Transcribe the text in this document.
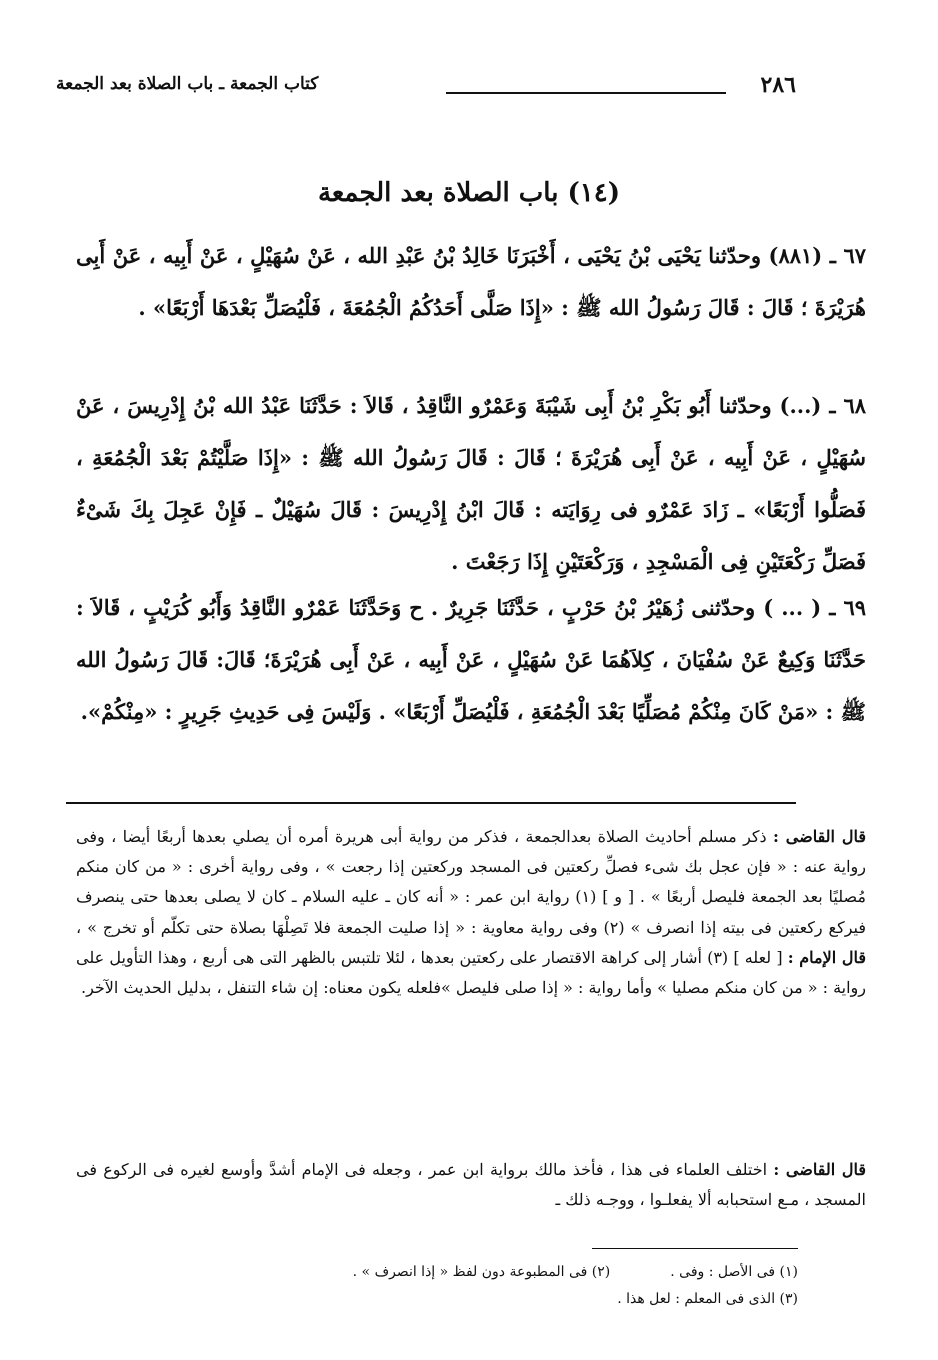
٢٨٦
كتاب الجمعة ـ باب الصلاة بعد الجمعة
(١٤) باب الصلاة بعد الجمعة
٦٧ ـ (٨٨١) وحدّثنا يَحْيَى بْنُ يَحْيَى ، أَخْبَرَنَا خَالِدُ بْنُ عَبْدِ الله ، عَنْ سُهَيْلٍ ، عَنْ أَبِيه ، عَنْ أَبِى هُرَيْرَةَ ؛ قَالَ : قَالَ رَسُولُ الله ﷺ : «إِذَا صَلَّى أَحَدُكُمُ الْجُمُعَةَ ، فَلْيُصَلِّ بَعْدَهَا أَرْبَعًا» .
٦٨ ـ (...) وحدّثنا أَبُو بَكْرِ بْنُ أَبِى شَيْبَةَ وَعَمْرٌو النَّاقِدُ ، قَالاَ : حَدَّثَنَا عَبْدُ الله بْنُ إِدْرِيسَ ، عَنْ سُهَيْلٍ ، عَنْ أَبِيه ، عَنْ أَبِى هُرَيْرَةَ ؛ قَالَ : قَالَ رَسُولُ الله ﷺ : «إِذَا صَلَّيْتُمْ بَعْدَ الْجُمُعَةِ ، فَصَلُّوا أَرْبَعًا» ـ زَادَ عَمْرٌو فى رِوَايَته : قَالَ ابْنُ إِدْرِيسَ : قَالَ سُهَيْلٌ ـ فَإِنْ عَجِلَ بِكَ شَىْءٌ فَصَلِّ رَكْعَتَيْنِ فِى الْمَسْجِدِ ، وَرَكْعَتَيْنِ إِذَا رَجَعْتَ .
٦٩ ـ ( ... ) وحدّثنى زُهَيْرُ بْنُ حَرْبٍ ، حَدَّثَنَا جَرِيرٌ . ح وَحَدَّثَنَا عَمْرٌو النَّاقِدُ وَأَبُو كُرَيْبٍ ، قَالاَ : حَدَّثَنَا وَكِيعٌ عَنْ سُفْيَانَ ، كِلاَهُمَا عَنْ سُهَيْلٍ ، عَنْ أَبِيه ، عَنْ أَبِى هُرَيْرَةَ؛ قَالَ: قَالَ رَسُولُ الله ﷺ : «مَنْ كَانَ مِنْكُمْ مُصَلِّيًا بَعْدَ الْجُمُعَةِ ، فَلْيُصَلِّ أَرْبَعًا» . وَلَيْسَ فِى حَدِيثِ جَرِيرٍ : «مِنْكُمْ».
قال القاضى : ذكر مسلم أحاديث الصلاة بعدالجمعة ، فذكر من رواية أبى هريرة أمره أن يصلي بعدها أربعًا أيضا ، وفى رواية عنه : « فإن عجل بك شىء فصلِّ ركعتين فى المسجد وركعتين إذا رجعت » ، وفى رواية أخرى : « من كان منكم مُصليًا بعد الجمعة فليصل أربعًا » . [ و ] (١) رواية ابن عمر : « أنه كان ـ عليه السلام ـ كان لا يصلى بعدها حتى ينصرف فيركع ركعتين فى بيته إذا انصرف » (٢) وفى رواية معاوية : « إذا صليت الجمعة فلا تَصِلْهَا بصلاة حتى تكلّم أو تخرج » ، قال الإمام : [ لعله ] (٣) أشار إلى كراهة الاقتصار على ركعتين بعدها ، لئلا تلتبس بالظهر التى هى أربع ، وهذا التأويل على رواية : « من كان منكم مصليا » وأما رواية : « إذا صلى فليصل »فلعله يكون معناه: إن شاء التنفل ، بدليل الحديث الآخر.
قال القاضى : اختلف العلماء فى هذا ، فأخذ مالك برواية ابن عمر ، وجعله فى الإمام أشدَّ وأوسع لغيره فى الركوع فى المسجد ، مـع استحبابه ألا يفعلـوا ، ووجـه ذلك ـ
(١) فى الأصل : وفى .(٢) فى المطبوعة دون لفظ « إذا انصرف » .
(٣) الذى فى المعلم : لعل هذا .
